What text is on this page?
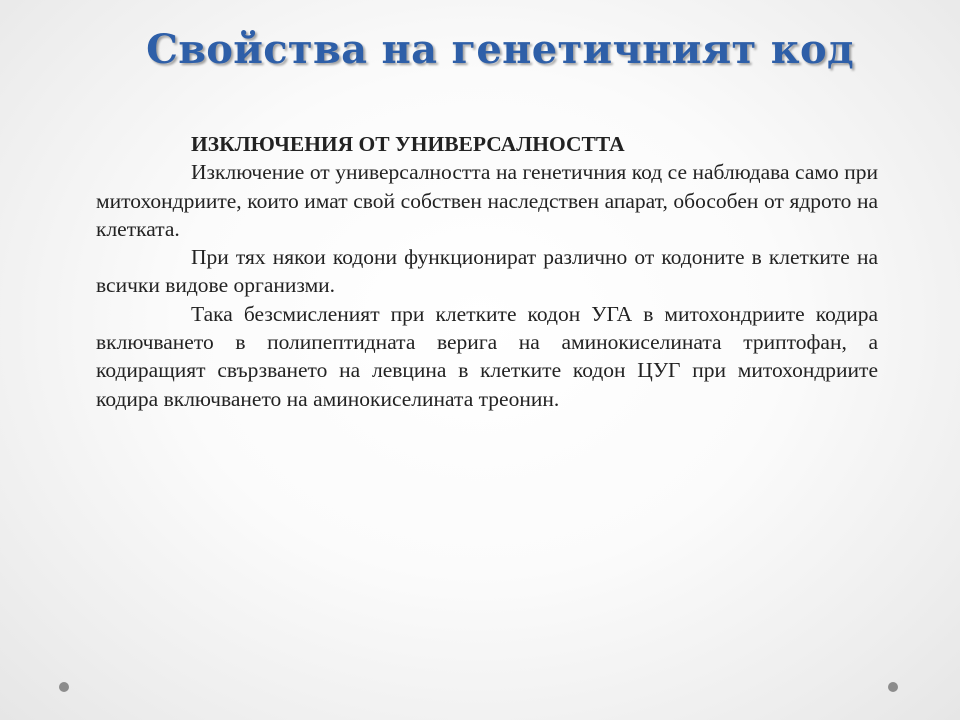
Свойства на генетичният код

ИЗКЛЮЧЕНИЯ ОТ УНИВЕРСАЛНОСТТА

Изключение от универсалността на генетичния код се наблюдава само при митохондриите, които имат свой собствен наследствен апарат, обособен от ядрото на клетката.

При тях някои кодони функционират различно от кодоните в клетките на всички видове организми.

Така безсмисленият при клетките кодон УГА в митохондриите кодира включването в полипептидната верига на аминокиселината триптофан, а кодиращият свързването на левцина в клетките кодон ЦУГ при митохондриите кодира включването на аминокиселината треонин.
